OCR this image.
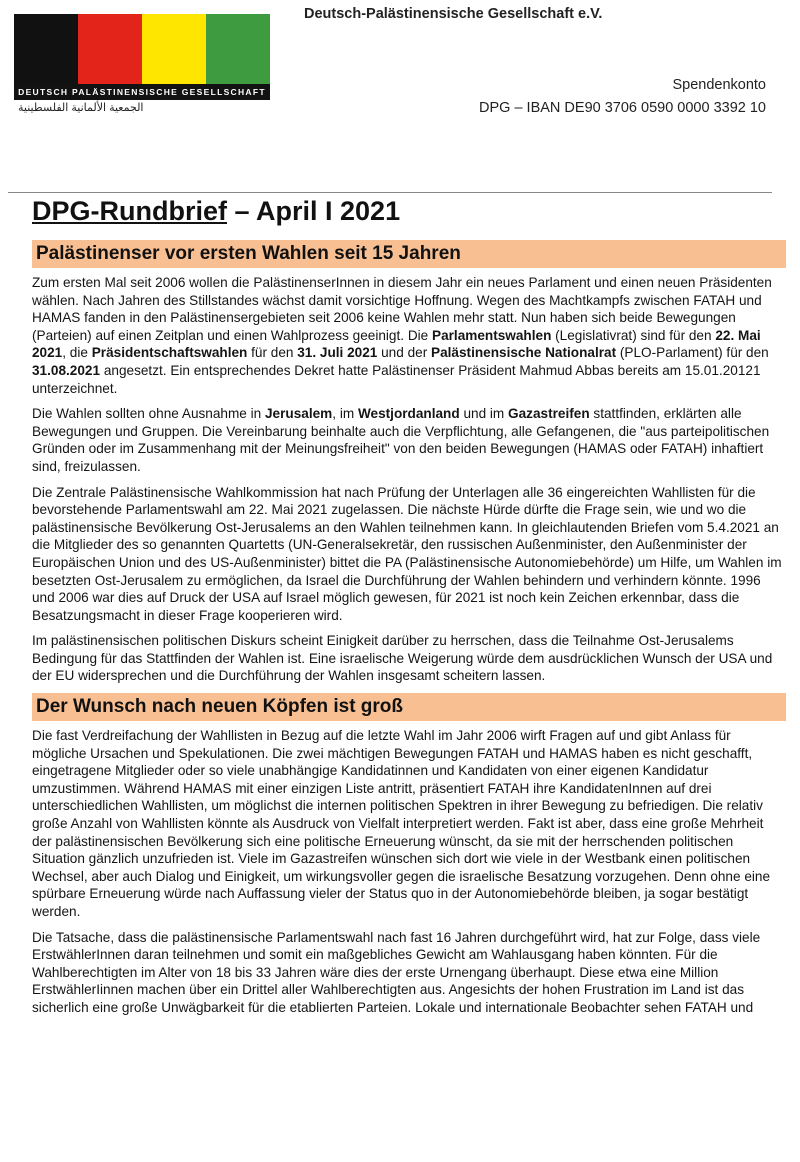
DEUTSCH PALÄSTINENSISCHE GESELLSCHAFT
الجمعية الألمانية الفلسطينية
Deutsch-Palästinensische Gesellschaft e.V.
Spendenkonto
DPG – IBAN DE90 3706 0590 0000 3392 10
DPG-Rundbrief – April I 2021
Palästinenser vor ersten Wahlen seit 15 Jahren

Zum ersten Mal seit 2006 wollen die PalästinenserInnen in diesem Jahr ein neues Parlament und einen neuen Präsidenten wählen. Nach Jahren des Stillstandes wächst damit vorsichtige Hoffnung. Wegen des Machtkampfs zwischen FATAH und HAMAS fanden in den Palästinensergebieten seit 2006 keine Wahlen mehr statt. Nun haben sich beide Bewegungen (Parteien) auf einen Zeitplan und einen Wahlprozess geeinigt. Die Parlamentswahlen (Legislativrat) sind für den 22. Mai 2021, die Präsidentschaftswahlen für den 31. Juli 2021 und der Palästinensische Nationalrat (PLO-Parlament) für den 31.08.2021 angesetzt. Ein entsprechendes Dekret hatte Palästinenser Präsident Mahmud Abbas bereits am 15.01.20121 unterzeichnet.

Die Wahlen sollten ohne Ausnahme in Jerusalem, im Westjordanland und im Gazastreifen stattfinden, erklärten alle Bewegungen und Gruppen. Die Vereinbarung beinhalte auch die Verpflichtung, alle Gefangenen, die "aus parteipolitischen Gründen oder im Zusammenhang mit der Meinungsfreiheit" von den beiden Bewegungen (HAMAS oder FATAH) inhaftiert sind, freizulassen.

Die Zentrale Palästinensische Wahlkommission hat nach Prüfung der Unterlagen alle 36 eingereichten Wahllisten für die bevorstehende Parlamentswahl am 22. Mai 2021 zugelassen. Die nächste Hürde dürfte die Frage sein, wie und wo die palästinensische Bevölkerung Ost-Jerusalems an den Wahlen teilnehmen kann. In gleichlautenden Briefen vom 5.4.2021 an die Mitglieder des so genannten Quartetts (UN-Generalsekretär, den russischen Außenminister, den Außenminister der Europäischen Union und des US-Außenminister) bittet die PA (Palästinensische Autonomiebehörde) um Hilfe, um Wahlen im besetzten Ost-Jerusalem zu ermöglichen, da Israel die Durchführung der Wahlen behindern und verhindern könnte. 1996 und 2006 war dies auf Druck der USA auf Israel möglich gewesen, für 2021 ist noch kein Zeichen erkennbar, dass die Besatzungsmacht in dieser Frage kooperieren wird.

Im palästinensischen politischen Diskurs scheint Einigkeit darüber zu herrschen, dass die Teilnahme Ost-Jerusalems Bedingung für das Stattfinden der Wahlen ist. Eine israelische Weigerung würde dem ausdrücklichen Wunsch der USA und der EU widersprechen und die Durchführung der Wahlen insgesamt scheitern lassen.

Der Wunsch nach neuen Köpfen ist groß

Die fast Verdreifachung der Wahllisten in Bezug auf die letzte Wahl im Jahr 2006 wirft Fragen auf und gibt Anlass für mögliche Ursachen und Spekulationen. Die zwei mächtigen Bewegungen FATAH und HAMAS haben es nicht geschafft, eingetragene Mitglieder oder so viele unabhängige Kandidatinnen und Kandidaten von einer eigenen Kandidatur umzustimmen. Während HAMAS mit einer einzigen Liste antritt, präsentiert FATAH ihre KandidatenInnen auf drei unterschiedlichen Wahllisten, um möglichst die internen politischen Spektren in ihrer Bewegung zu befriedigen. Die relativ große Anzahl von Wahllisten könnte als Ausdruck von Vielfalt interpretiert werden. Fakt ist aber, dass eine große Mehrheit der palästinensischen Bevölkerung sich eine politische Erneuerung wünscht, da sie mit der herrschenden politischen Situation gänzlich unzufrieden ist. Viele im Gazastreifen wünschen sich dort wie viele in der Westbank einen politischen Wechsel, aber auch Dialog und Einigkeit, um wirkungsvoller gegen die israelische Besatzung vorzugehen. Denn ohne eine spürbare Erneuerung würde nach Auffassung vieler der Status quo in der Autonomiebehörde bleiben, ja sogar bestätigt werden.

Die Tatsache, dass die palästinensische Parlamentswahl nach fast 16 Jahren durchgeführt wird, hat zur Folge, dass viele ErstwählerInnen daran teilnehmen und somit ein maßgebliches Gewicht am Wahlausgang haben könnten. Für die Wahlberechtigten im Alter von 18 bis 33 Jahren wäre dies der erste Urnengang überhaupt. Diese etwa eine Million ErstwählerIinnen machen über ein Drittel aller Wahlberechtigten aus. Angesichts der hohen Frustration im Land ist das sicherlich eine große Unwägbarkeit für die etablierten Parteien. Lokale und internationale Beobachter sehen FATAH und
